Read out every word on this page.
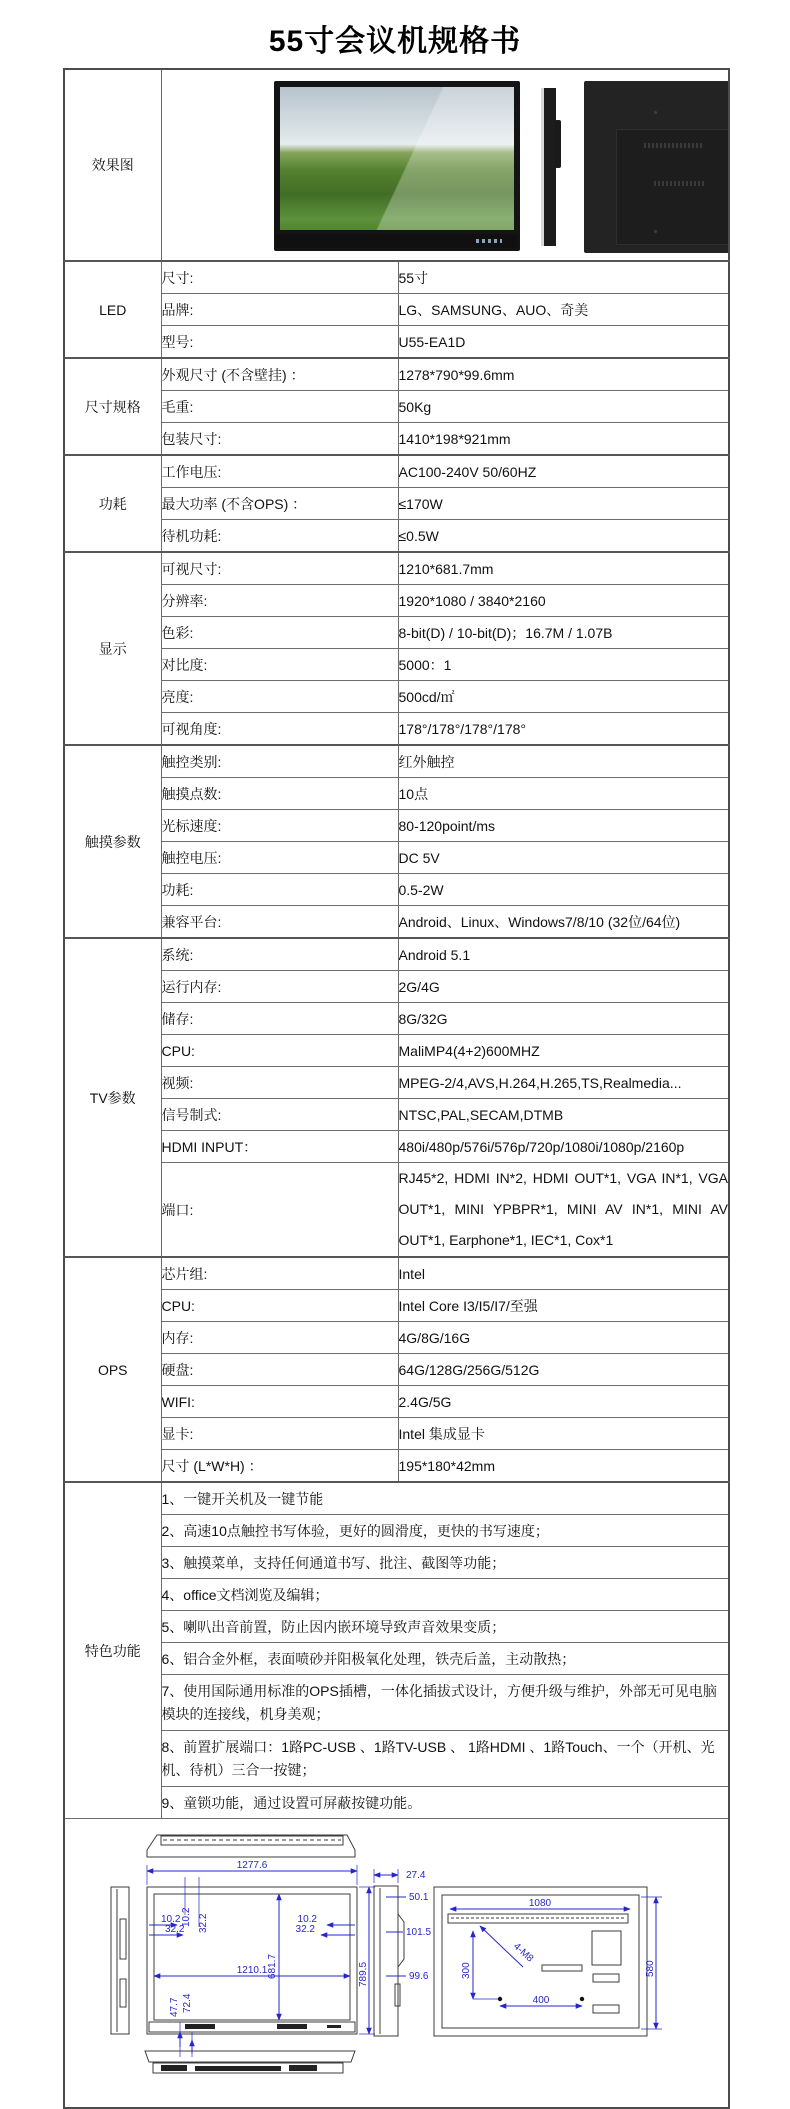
55寸会议机规格书
效果图		

LED	尺寸:	55寸
	品牌:	LG、SAMSUNG、AUO、奇美
	型号:	U55-EA1D
尺寸规格	外观尺寸 (不含壁挂) ：	1278*790*99.6mm
	毛重:	50Kg
	包装尺寸:	1410*198*921mm
功耗	工作电压:	AC100-240V 50/60HZ
	最大功率 (不含OPS) ：	≤170W
	待机功耗:	≤0.5W
显示	可视尺寸:	1210*681.7mm
	分辨率:	1920*1080 / 3840*2160
	色彩:	8-bit(D) / 10-bit(D)；16.7M / 1.07B
	对比度:	5000：1
	亮度:	500cd/㎡
	可视角度:	178°/178°/178°/178°
触摸参数	触控类别:	红外触控
	触摸点数:	10点
	光标速度:	80-120point/ms
	触控电压:	DC 5V
	功耗:	0.5-2W
	兼容平台:	Android、Linux、Windows7/8/10 (32位/64位)
TV参数	系统:	Android 5.1
	运行内存:	2G/4G
	储存:	8G/32G
	CPU:	MaliMP4(4+2)600MHZ
	视频:	MPEG-2/4,AVS,H.264,H.265,TS,Realmedia...
	信号制式:	NTSC,PAL,SECAM,DTMB
	HDMI INPUT：	480i/480p/576i/576p/720p/1080i/1080p/2160p
	端口:	RJ45*2, HDMI IN*2, HDMI OUT*1, VGA IN*1, VGA OUT*1, MINI YPBPR*1, MINI AV IN*1, MINI AV OUT*1, Earphone*1, IEC*1, Cox*1
OPS	芯片组:	Intel
	CPU:	Intel Core I3/I5/I7/至强
	内存:	4G/8G/16G
	硬盘:	64G/128G/256G/512G
	WIFI:	2.4G/5G
	显卡:	Intel 集成显卡
	尺寸 (L*W*H) ：	195*180*42mm
特色功能	1、一键开关机及一键节能	
	2、高速10点触控书写体验，更好的圆滑度，更快的书写速度；	
	3、触摸菜单，支持任何通道书写、批注、截图等功能；	
	4、office文档浏览及编辑；	
	5、喇叭出音前置，防止因内嵌环境导致声音效果变质；	
	6、铝合金外框，表面喷砂并阳极氧化处理，铁壳后盖，主动散热；	
	7、使用国际通用标准的OPS插槽，一体化插拔式设计，方便升级与维护，外部无可见电脑模块的连接线，机身美观；	
	8、前置扩展端口：1路PC-USB 、1路TV-USB 、 1路HDMI 、1路Touch、一个（开机、光机、待机）三合一按键；	
	9、童锁功能，通过设置可屏蔽按键功能。	

1277.6
10.2 32.2
10.2
32.2
10.2
32.2
681.7
1210.1	789.5
47.7 72.4
27.4
50.1
101.5
99.6
1080
4-M8
300
400
580
